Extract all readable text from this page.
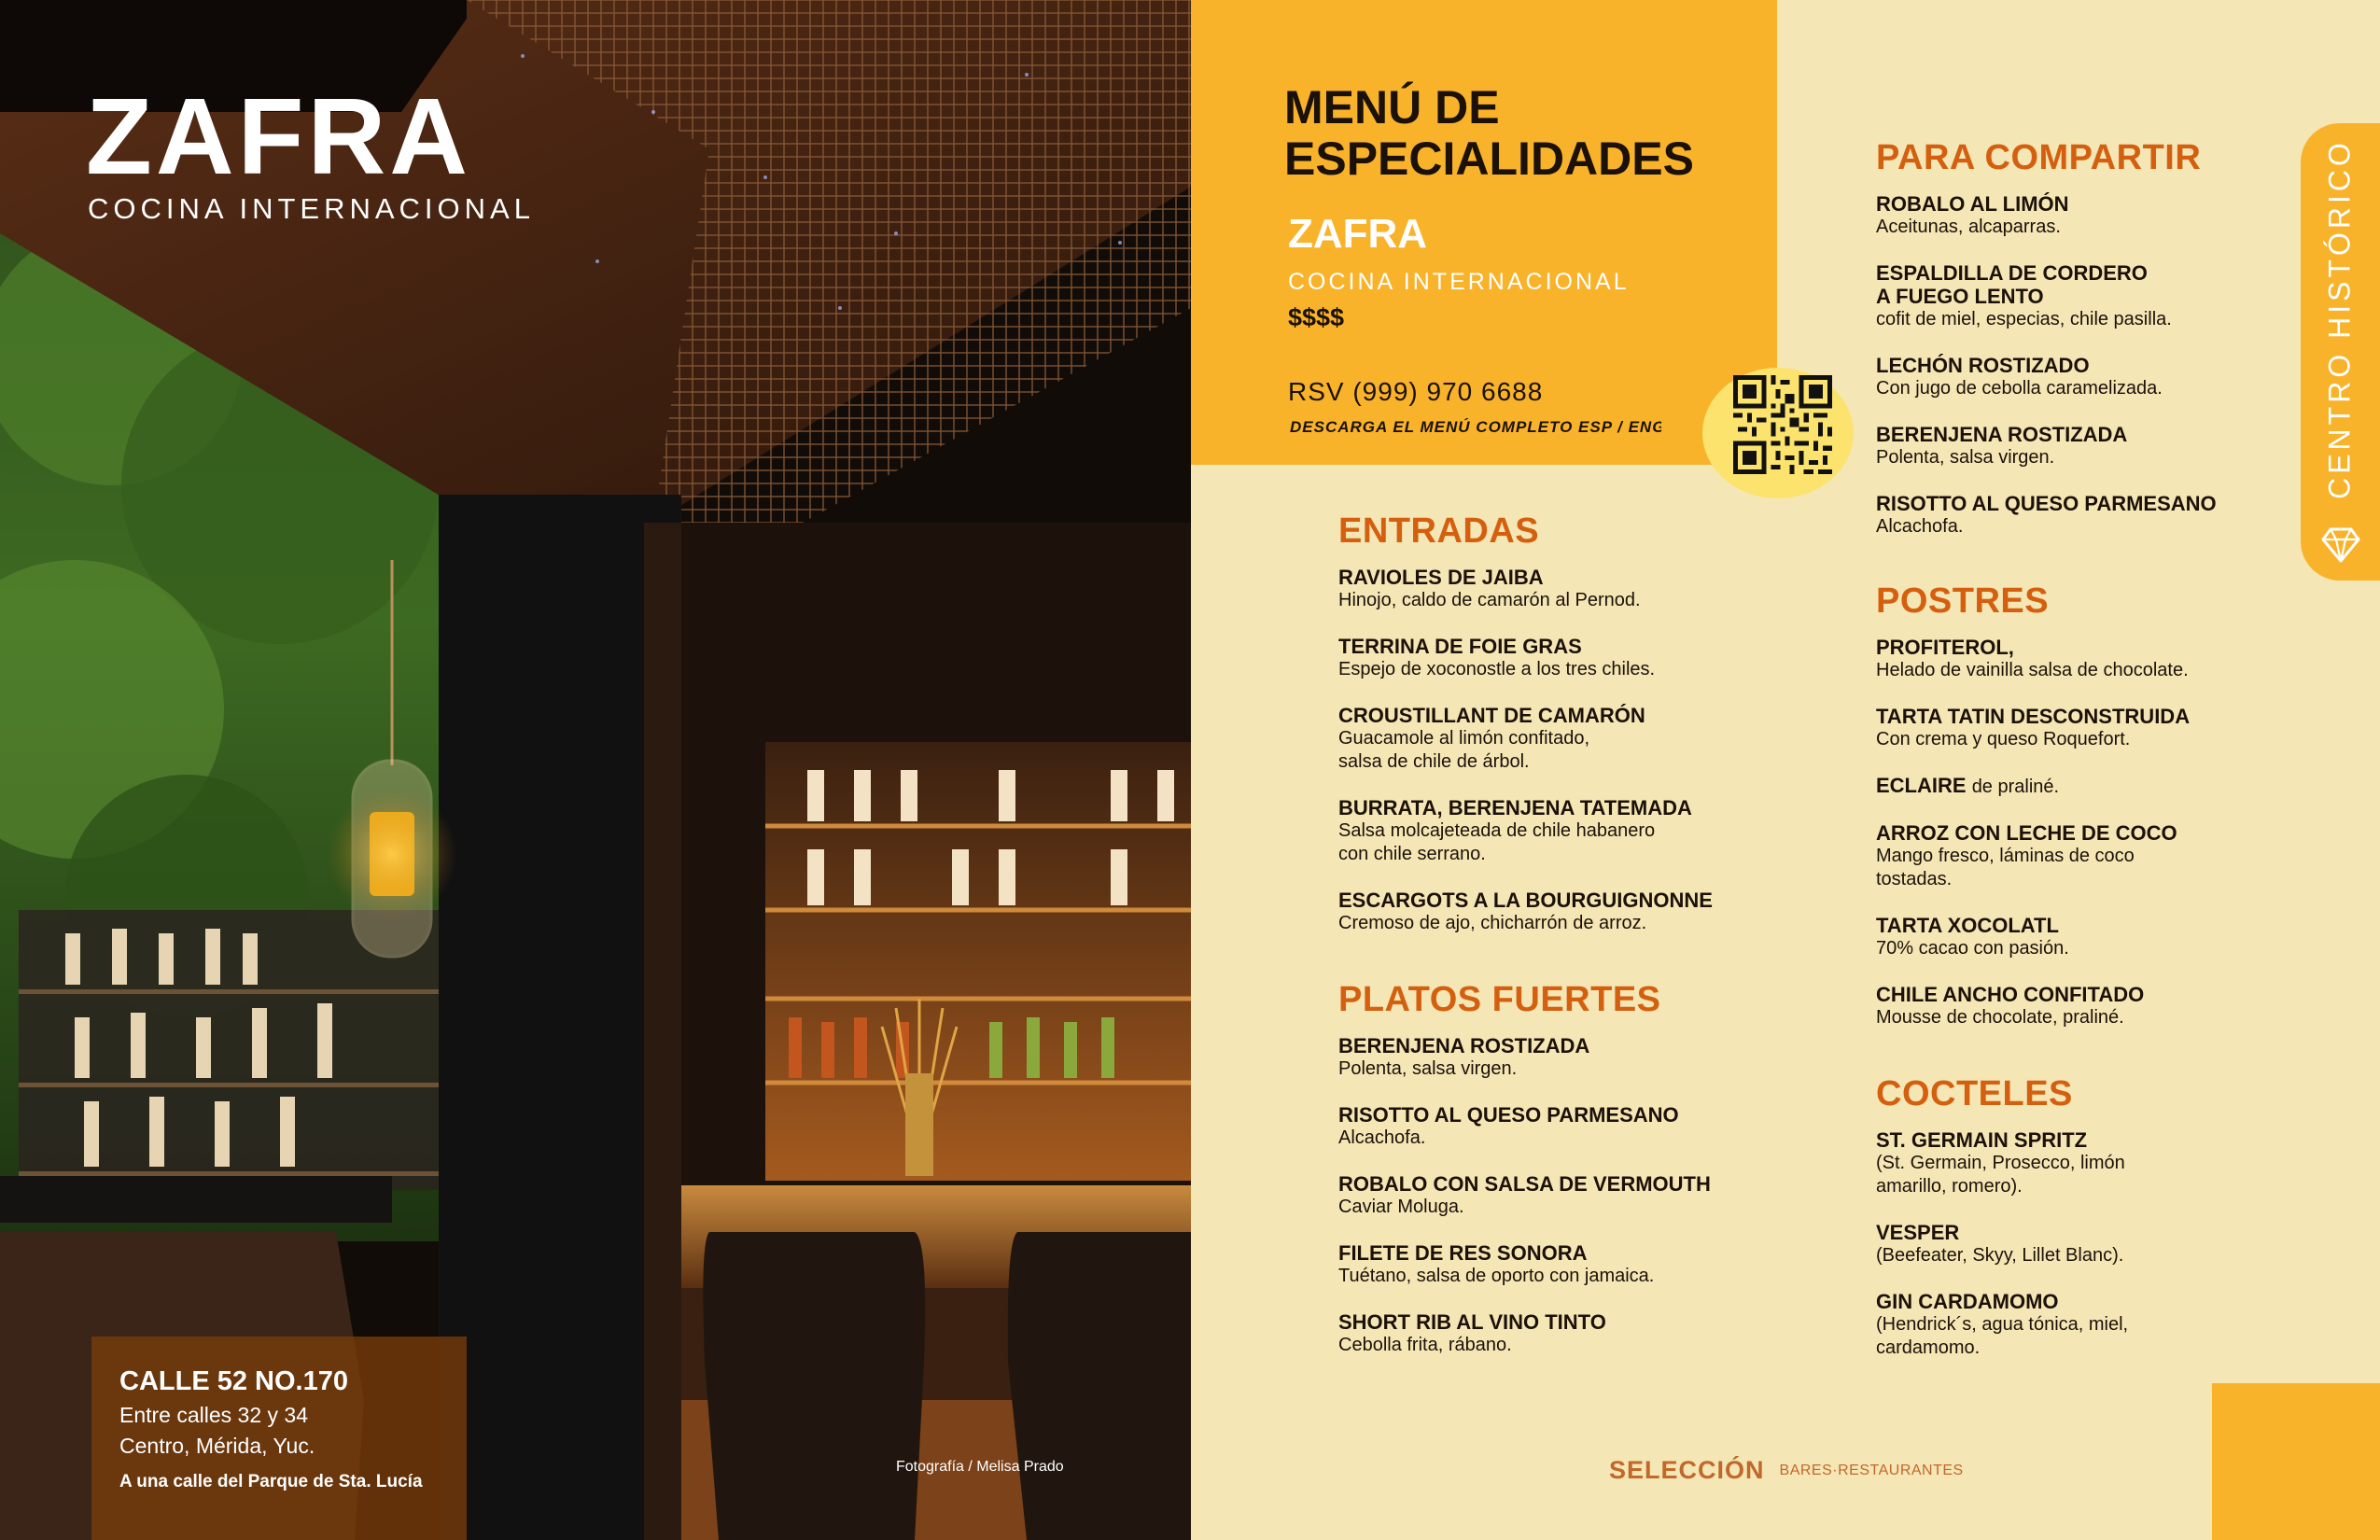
ZAFRA
COCINA INTERNACIONAL
CALLE 52 NO.170
Entre calles 32 y 34
Centro, Mérida, Yuc.
A una calle del Parque de Sta. Lucía
Fotografía / Melisa Prado
MENÚ DE
ESPECIALIDADES
ZAFRA
COCINA INTERNACIONAL
$$$$
RSV (999) 970 6688
DESCARGA EL MENÚ COMPLETO ESP / ENG	CENTRO HISTÓRICO
ENTRADAS
RAVIOLES DE JAIBA
Hinojo, caldo de camarón al Pernod.
TERRINA DE FOIE GRAS
Espejo de xoconostle a los tres chiles.
CROUSTILLANT DE CAMARÓN
Guacamole al limón confitado,
salsa de chile de árbol.
BURRATA, BERENJENA TATEMADA
Salsa molcajeteada de chile habanero
con chile serrano.
ESCARGOTS A LA BOURGUIGNONNE
Cremoso de ajo, chicharrón de arroz.
PLATOS FUERTES
BERENJENA ROSTIZADA
Polenta, salsa virgen.
RISOTTO AL QUESO PARMESANO
Alcachofa.
ROBALO CON SALSA DE VERMOUTH
Caviar Moluga.
FILETE DE RES SONORA
Tuétano, salsa de oporto con jamaica.
SHORT RIB AL VINO TINTO
Cebolla frita, rábano.
PARA COMPARTIR
ROBALO AL LIMÓN
Aceitunas, alcaparras.
ESPALDILLA DE CORDERO
A FUEGO LENTO
cofit de miel, especias, chile pasilla.
LECHÓN ROSTIZADO
Con jugo de cebolla caramelizada.
BERENJENA ROSTIZADA
Polenta, salsa virgen.
RISOTTO AL QUESO PARMESANO
Alcachofa.
POSTRES
PROFITEROL,
Helado de vainilla salsa de chocolate.
TARTA TATIN DESCONSTRUIDA
Con crema y queso Roquefort.
ECLAIRE de praliné.
ARROZ CON LECHE DE COCO
Mango fresco, láminas de coco
tostadas.
TARTA XOCOLATL
70% cacao con pasión.
CHILE ANCHO CONFITADO
Mousse de chocolate, praliné.
COCTELES
ST. GERMAIN SPRITZ
(St. Germain, Prosecco, limón
amarillo, romero).
VESPER
(Beefeater, Skyy, Lillet Blanc).
GIN CARDAMOMO
(Hendrick´s, agua tónica, miel,
cardamomo.
SELECCIÓN BARES·RESTAURANTES
